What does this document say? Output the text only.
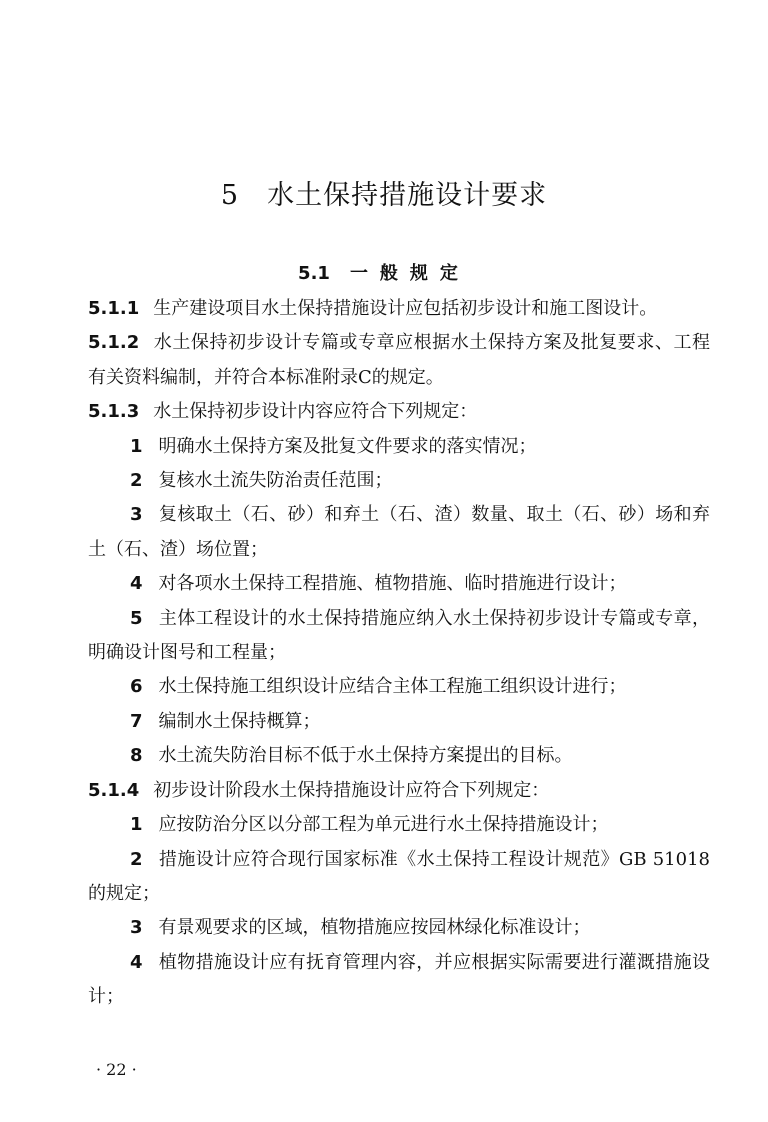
5 水土保持措施设计要求
5.1 一般规定

5.1.1 生产建设项目水土保持措施设计应包括初步设计和施工图设计。

5.1.2 水土保持初步设计专篇或专章应根据水土保持方案及批复要求、工程有关资料编制，并符合本标准附录C的规定。

5.1.3 水土保持初步设计内容应符合下列规定：

1 明确水土保持方案及批复文件要求的落实情况；

2 复核水土流失防治责任范围；

3 复核取土（石、砂）和弃土（石、渣）数量、取土（石、砂）场和弃土（石、渣）场位置；

4 对各项水土保持工程措施、植物措施、临时措施进行设计；

5 主体工程设计的水土保持措施应纳入水土保持初步设计专篇或专章，明确设计图号和工程量；

6 水土保持施工组织设计应结合主体工程施工组织设计进行；

7 编制水土保持概算；

8 水土流失防治目标不低于水土保持方案提出的目标。

5.1.4 初步设计阶段水土保持措施设计应符合下列规定：

1 应按防治分区以分部工程为单元进行水土保持措施设计；

2 措施设计应符合现行国家标准《水土保持工程设计规范》GB 51018的规定；

3 有景观要求的区域，植物措施应按园林绿化标准设计；

4 植物措施设计应有抚育管理内容，并应根据实际需要进行灌溉措施设计；

· 22 ·
